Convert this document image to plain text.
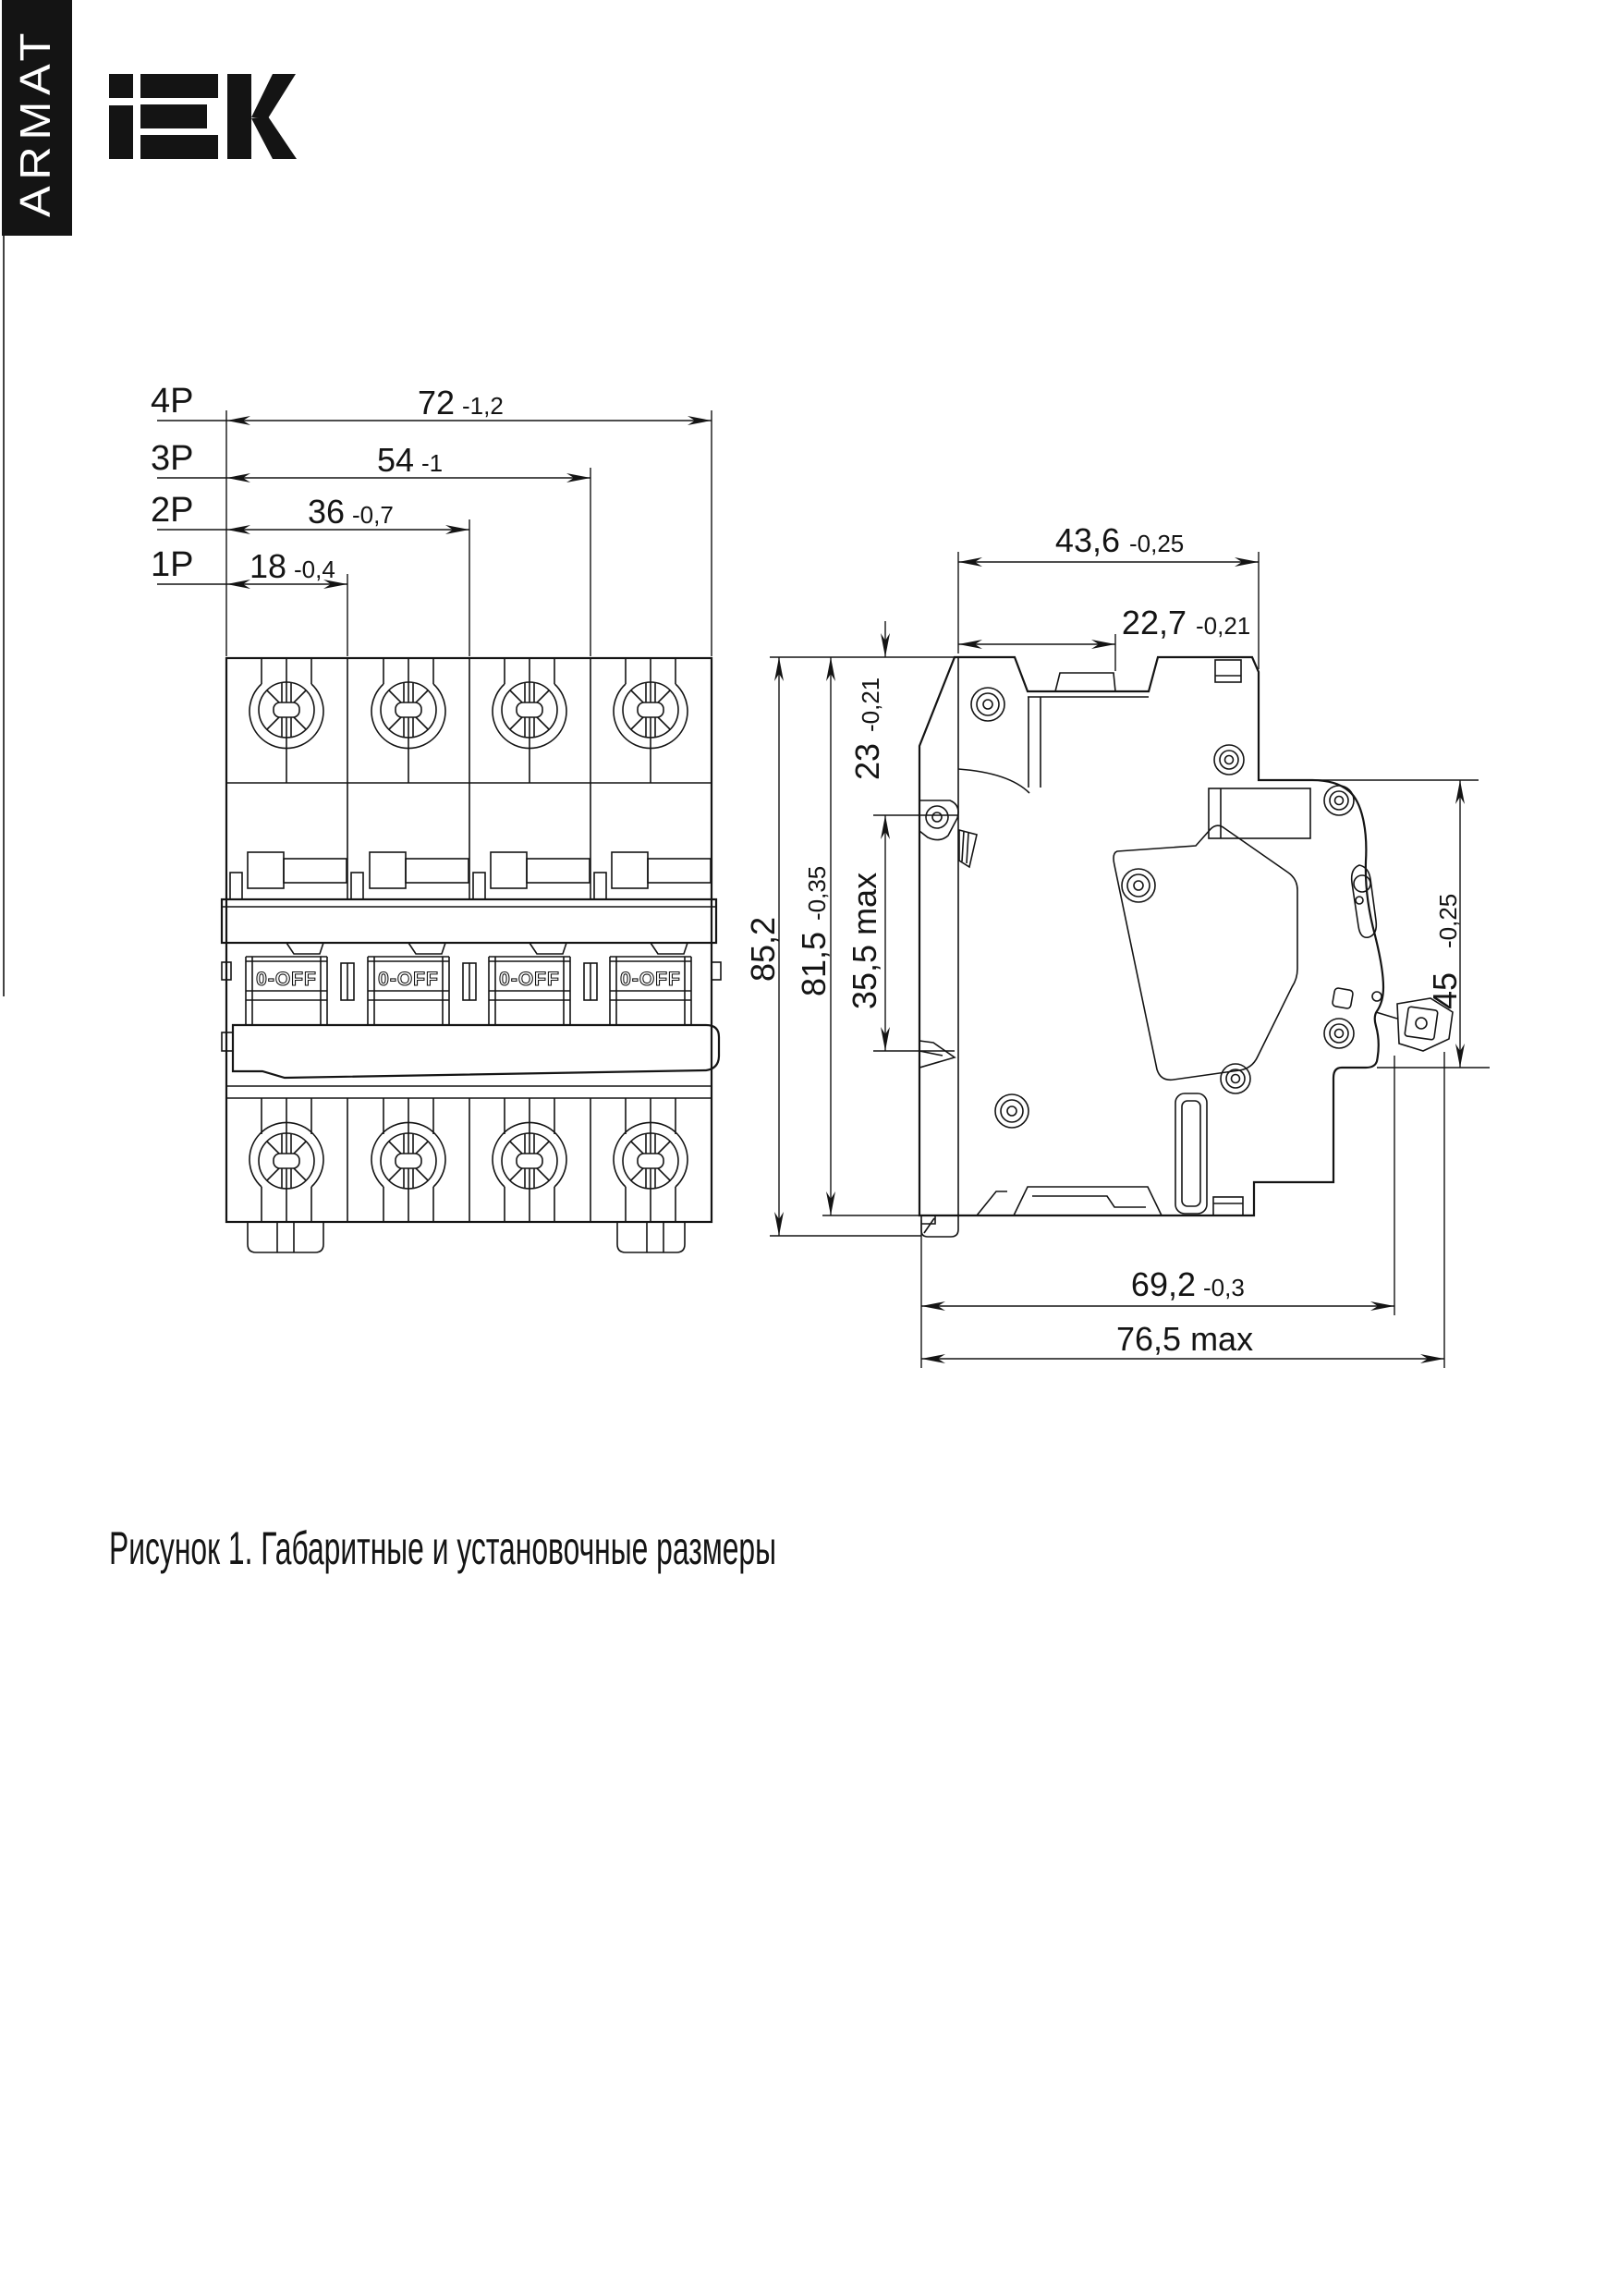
ARMAT
0-OFF	0-OFF	0-OFF	0-OFF
4P
3P
2P
1P
72 -1,2
54 -1
36 -0,7
18 -0,4
43,6 -0,25
22,7 -0,21
69,2 -0,3
76,5 max
23
-0,21
35,5 max
85,2 81,5
-0,35
45
-0,25
Рисунок 1. Габаритные и установочные размеры
